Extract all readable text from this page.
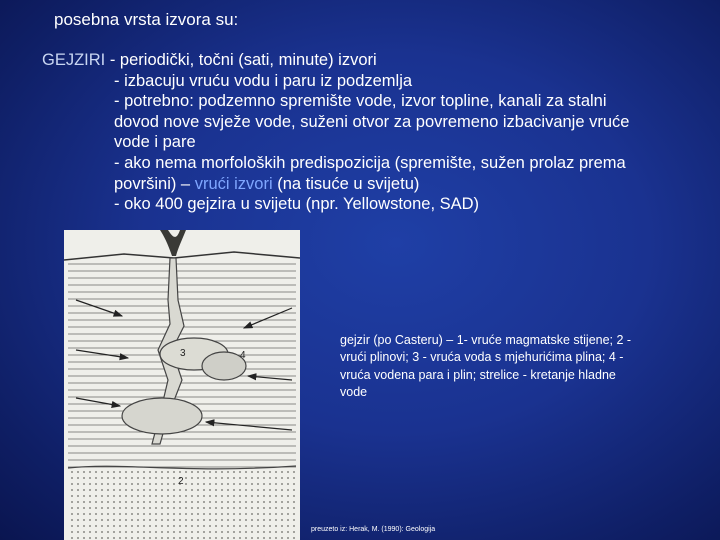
posebna vrsta izvora su:
GEJZIRI - periodički, točni (sati, minute) izvori
- izbacuju vruću vodu i paru iz podzemlja
- potrebno: podzemno spremište vode, izvor topline, kanali za stalni
dovod nove svježe vode, suženi otvor za povremeno izbacivanje vruće
vode i pare
- ako nema morfoloških predispozicija (spremište, sužen prolaz prema
površini) – vrući izvori (na tisuće u svijetu)
- oko 400 gejzira u svijetu (npr. Yellowstone, SAD)
3	4
2
gejzir (po Casteru) – 1- vruće magmatske stijene; 2 - vrući plinovi; 3 - vruća voda s mjehurićima plina; 4 - vruća vodena para i plin; strelice - kretanje hladne vode
preuzeto iz: Herak, M. (1990): Geologija
